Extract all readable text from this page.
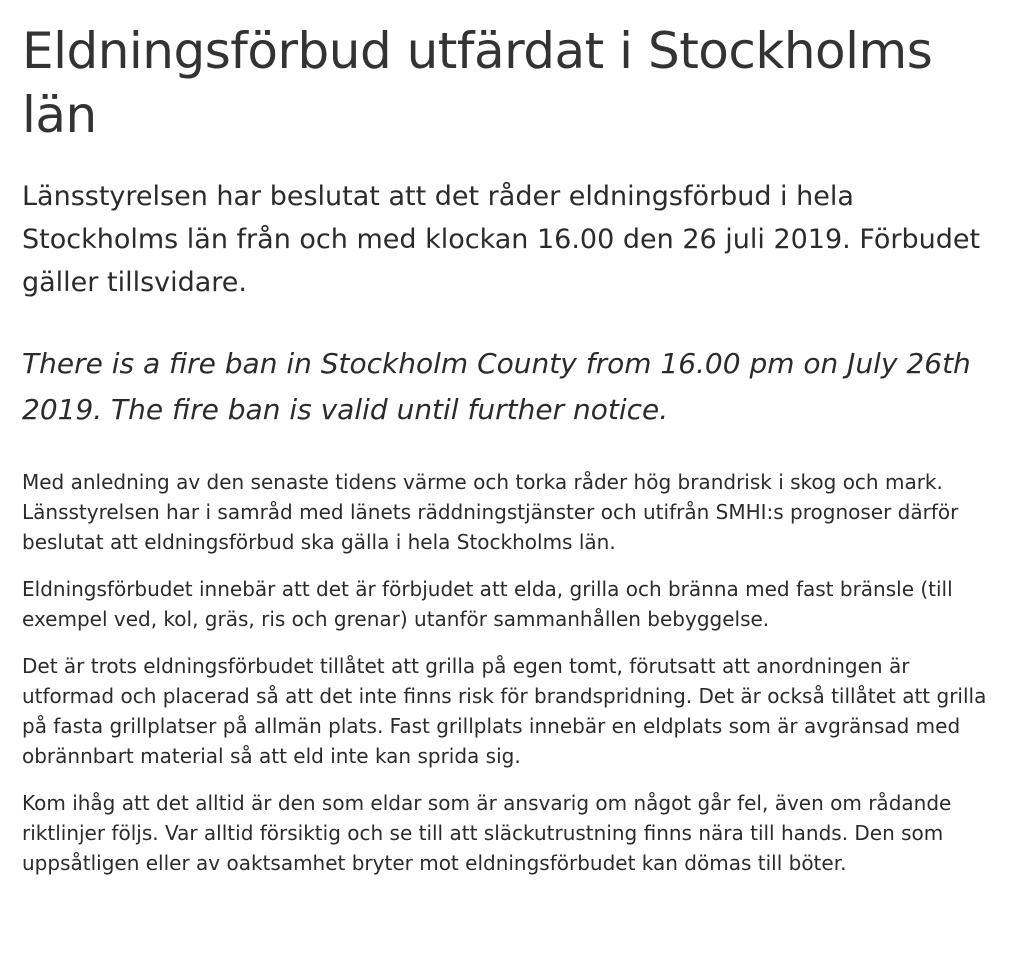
Eldningsförbud utfärdat i Stockholms län

Länsstyrelsen har beslutat att det råder eldningsförbud i hela Stockholms län från och med klockan 16.00 den 26 juli 2019. Förbudet gäller tillsvidare.

There is a fire ban in Stockholm County from 16.00 pm on July 26th 2019. The fire ban is valid until further notice.

Med anledning av den senaste tidens värme och torka råder hög brandrisk i skog och mark. Länsstyrelsen har i samråd med länets räddningstjänster och utifrån SMHI:s prognoser därför beslutat att eldningsförbud ska gälla i hela Stockholms län.

Eldningsförbudet innebär att det är förbjudet att elda, grilla och bränna med fast bränsle (till exempel ved, kol, gräs, ris och grenar) utanför sammanhållen bebyggelse.

Det är trots eldningsförbudet tillåtet att grilla på egen tomt, förutsatt att anordningen är utformad och placerad så att det inte finns risk för brandspridning. Det är också tillåtet att grilla på fasta grillplatser på allmän plats. Fast grillplats innebär en eldplats som är avgränsad med obrännbart material så att eld inte kan sprida sig.

Kom ihåg att det alltid är den som eldar som är ansvarig om något går fel, även om rådande riktlinjer följs. Var alltid försiktig och se till att släckutrustning finns nära till hands. Den som uppsåtligen eller av oaktsamhet bryter mot eldningsförbudet kan dömas till böter.
